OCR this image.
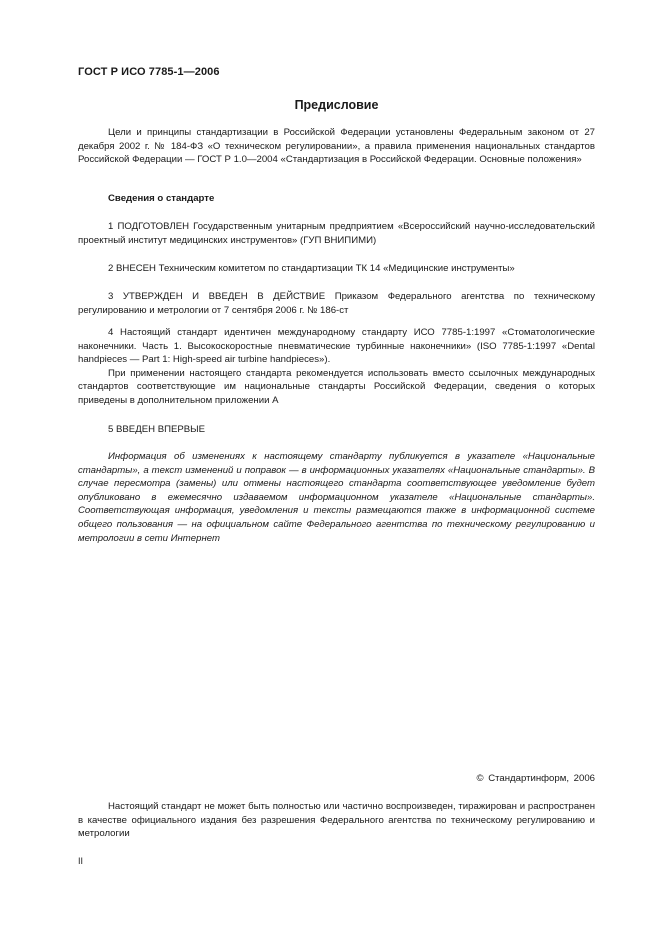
ГОСТ Р ИСО 7785-1—2006
Предисловие

Цели и принципы стандартизации в Российской Федерации установлены Федеральным законом от 27 декабря 2002 г. № 184-ФЗ «О техническом регулировании», а правила применения национальных стандартов Российской Федерации — ГОСТ Р 1.0—2004 «Стандартизация в Российской Федерации. Основные положения»

Сведения о стандарте

1 ПОДГОТОВЛЕН Государственным унитарным предприятием «Всероссийский научно-исследовательский проектный институт медицинских инструментов» (ГУП ВНИПИМИ)

2 ВНЕСЕН Техническим комитетом по стандартизации ТК 14 «Медицинские инструменты»

3 УТВЕРЖДЕН И ВВЕДЕН В ДЕЙСТВИЕ Приказом Федерального агентства по техническому регулированию и метрологии от 7 сентября 2006 г. № 186-ст

4 Настоящий стандарт идентичен международному стандарту ИСО 7785-1:1997 «Стоматологические наконечники. Часть 1. Высокоскоростные пневматические турбинные наконечники» (ISO 7785-1:1997 «Dental handpieces — Part 1: High-speed air turbine handpieces»).

При применении настоящего стандарта рекомендуется использовать вместо ссылочных международных стандартов соответствующие им национальные стандарты Российской Федерации, сведения о которых приведены в дополнительном приложении А

5 ВВЕДЕН ВПЕРВЫЕ

Информация об изменениях к настоящему стандарту публикуется в указателе «Национальные стандарты», а текст изменений и поправок — в информационных указателях «Национальные стандарты». В случае пересмотра (замены) или отмены настоящего стандарта соответствующее уведомление будет опубликовано в ежемесячно издаваемом информационном указателе «Национальные стандарты». Соответствующая информация, уведомления и тексты размещаются также в информационной системе общего пользования — на официальном сайте Федерального агентства по техническому регулированию и метрологии в сети Интернет

© Стандартинформ, 2006

Настоящий стандарт не может быть полностью или частично воспроизведен, тиражирован и распространен в качестве официального издания без разрешения Федерального агентства по техническому регулированию и метрологии

II
